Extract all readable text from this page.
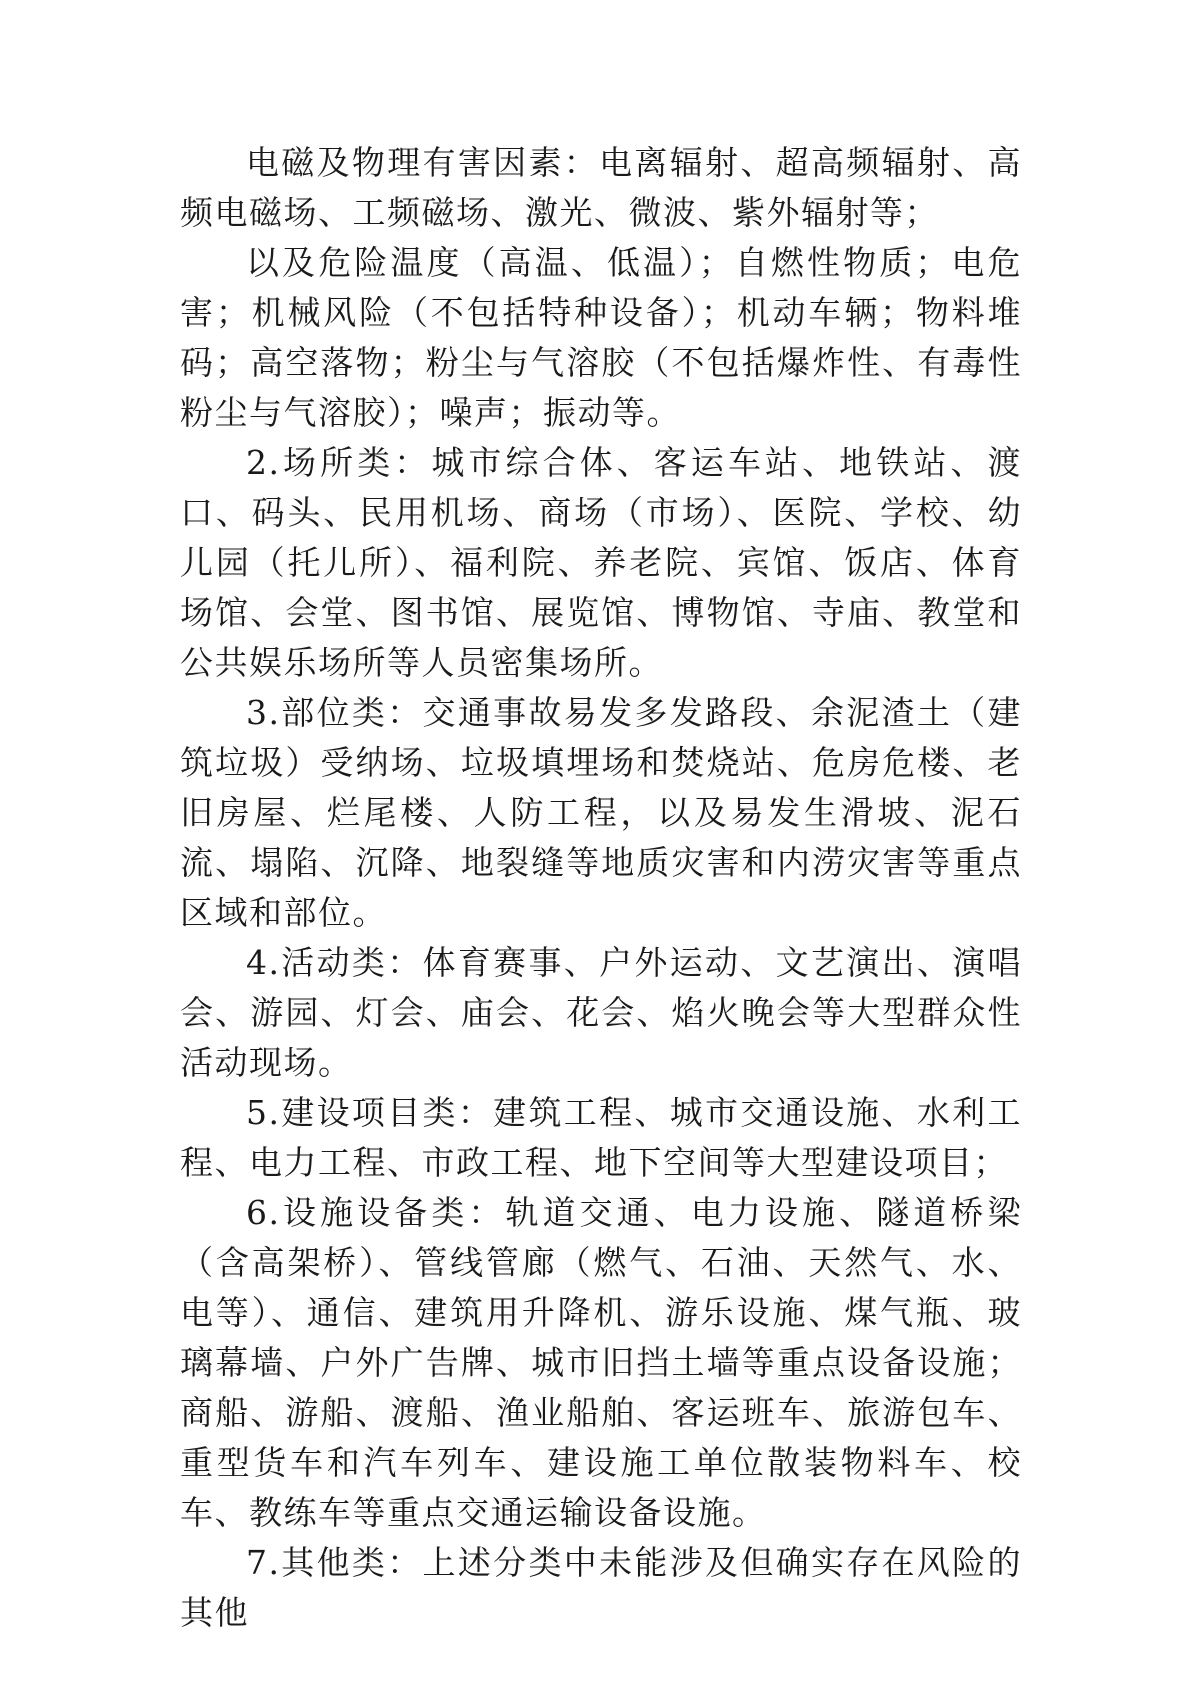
电磁及物理有害因素：电离辐射、超高频辐射、高频电磁场、工频磁场、激光、微波、紫外辐射等；

以及危险温度（高温、低温）；自燃性物质；电危害；机械风险（不包括特种设备）；机动车辆；物料堆码；高空落物；粉尘与气溶胶（不包括爆炸性、有毒性粉尘与气溶胶）；噪声；振动等。

2.场所类：城市综合体、客运车站、地铁站、渡口、码头、民用机场、商场（市场）、医院、学校、幼儿园（托儿所）、福利院、养老院、宾馆、饭店、体育场馆、会堂、图书馆、展览馆、博物馆、寺庙、教堂和公共娱乐场所等人员密集场所。

3.部位类：交通事故易发多发路段、余泥渣土（建筑垃圾）受纳场、垃圾填埋场和焚烧站、危房危楼、老旧房屋、烂尾楼、人防工程，以及易发生滑坡、泥石流、塌陷、沉降、地裂缝等地质灾害和内涝灾害等重点区域和部位。

4.活动类：体育赛事、户外运动、文艺演出、演唱会、游园、灯会、庙会、花会、焰火晚会等大型群众性活动现场。

5.建设项目类：建筑工程、城市交通设施、水利工程、电力工程、市政工程、地下空间等大型建设项目；

6.设施设备类：轨道交通、电力设施、隧道桥梁（含高架桥）、管线管廊（燃气、石油、天然气、水、电等）、通信、建筑用升降机、游乐设施、煤气瓶、玻璃幕墙、户外广告牌、城市旧挡土墙等重点设备设施；商船、游船、渡船、渔业船舶、客运班车、旅游包车、重型货车和汽车列车、建设施工单位散装物料车、校车、教练车等重点交通运输设备设施。

7.其他类：上述分类中未能涉及但确实存在风险的其他
